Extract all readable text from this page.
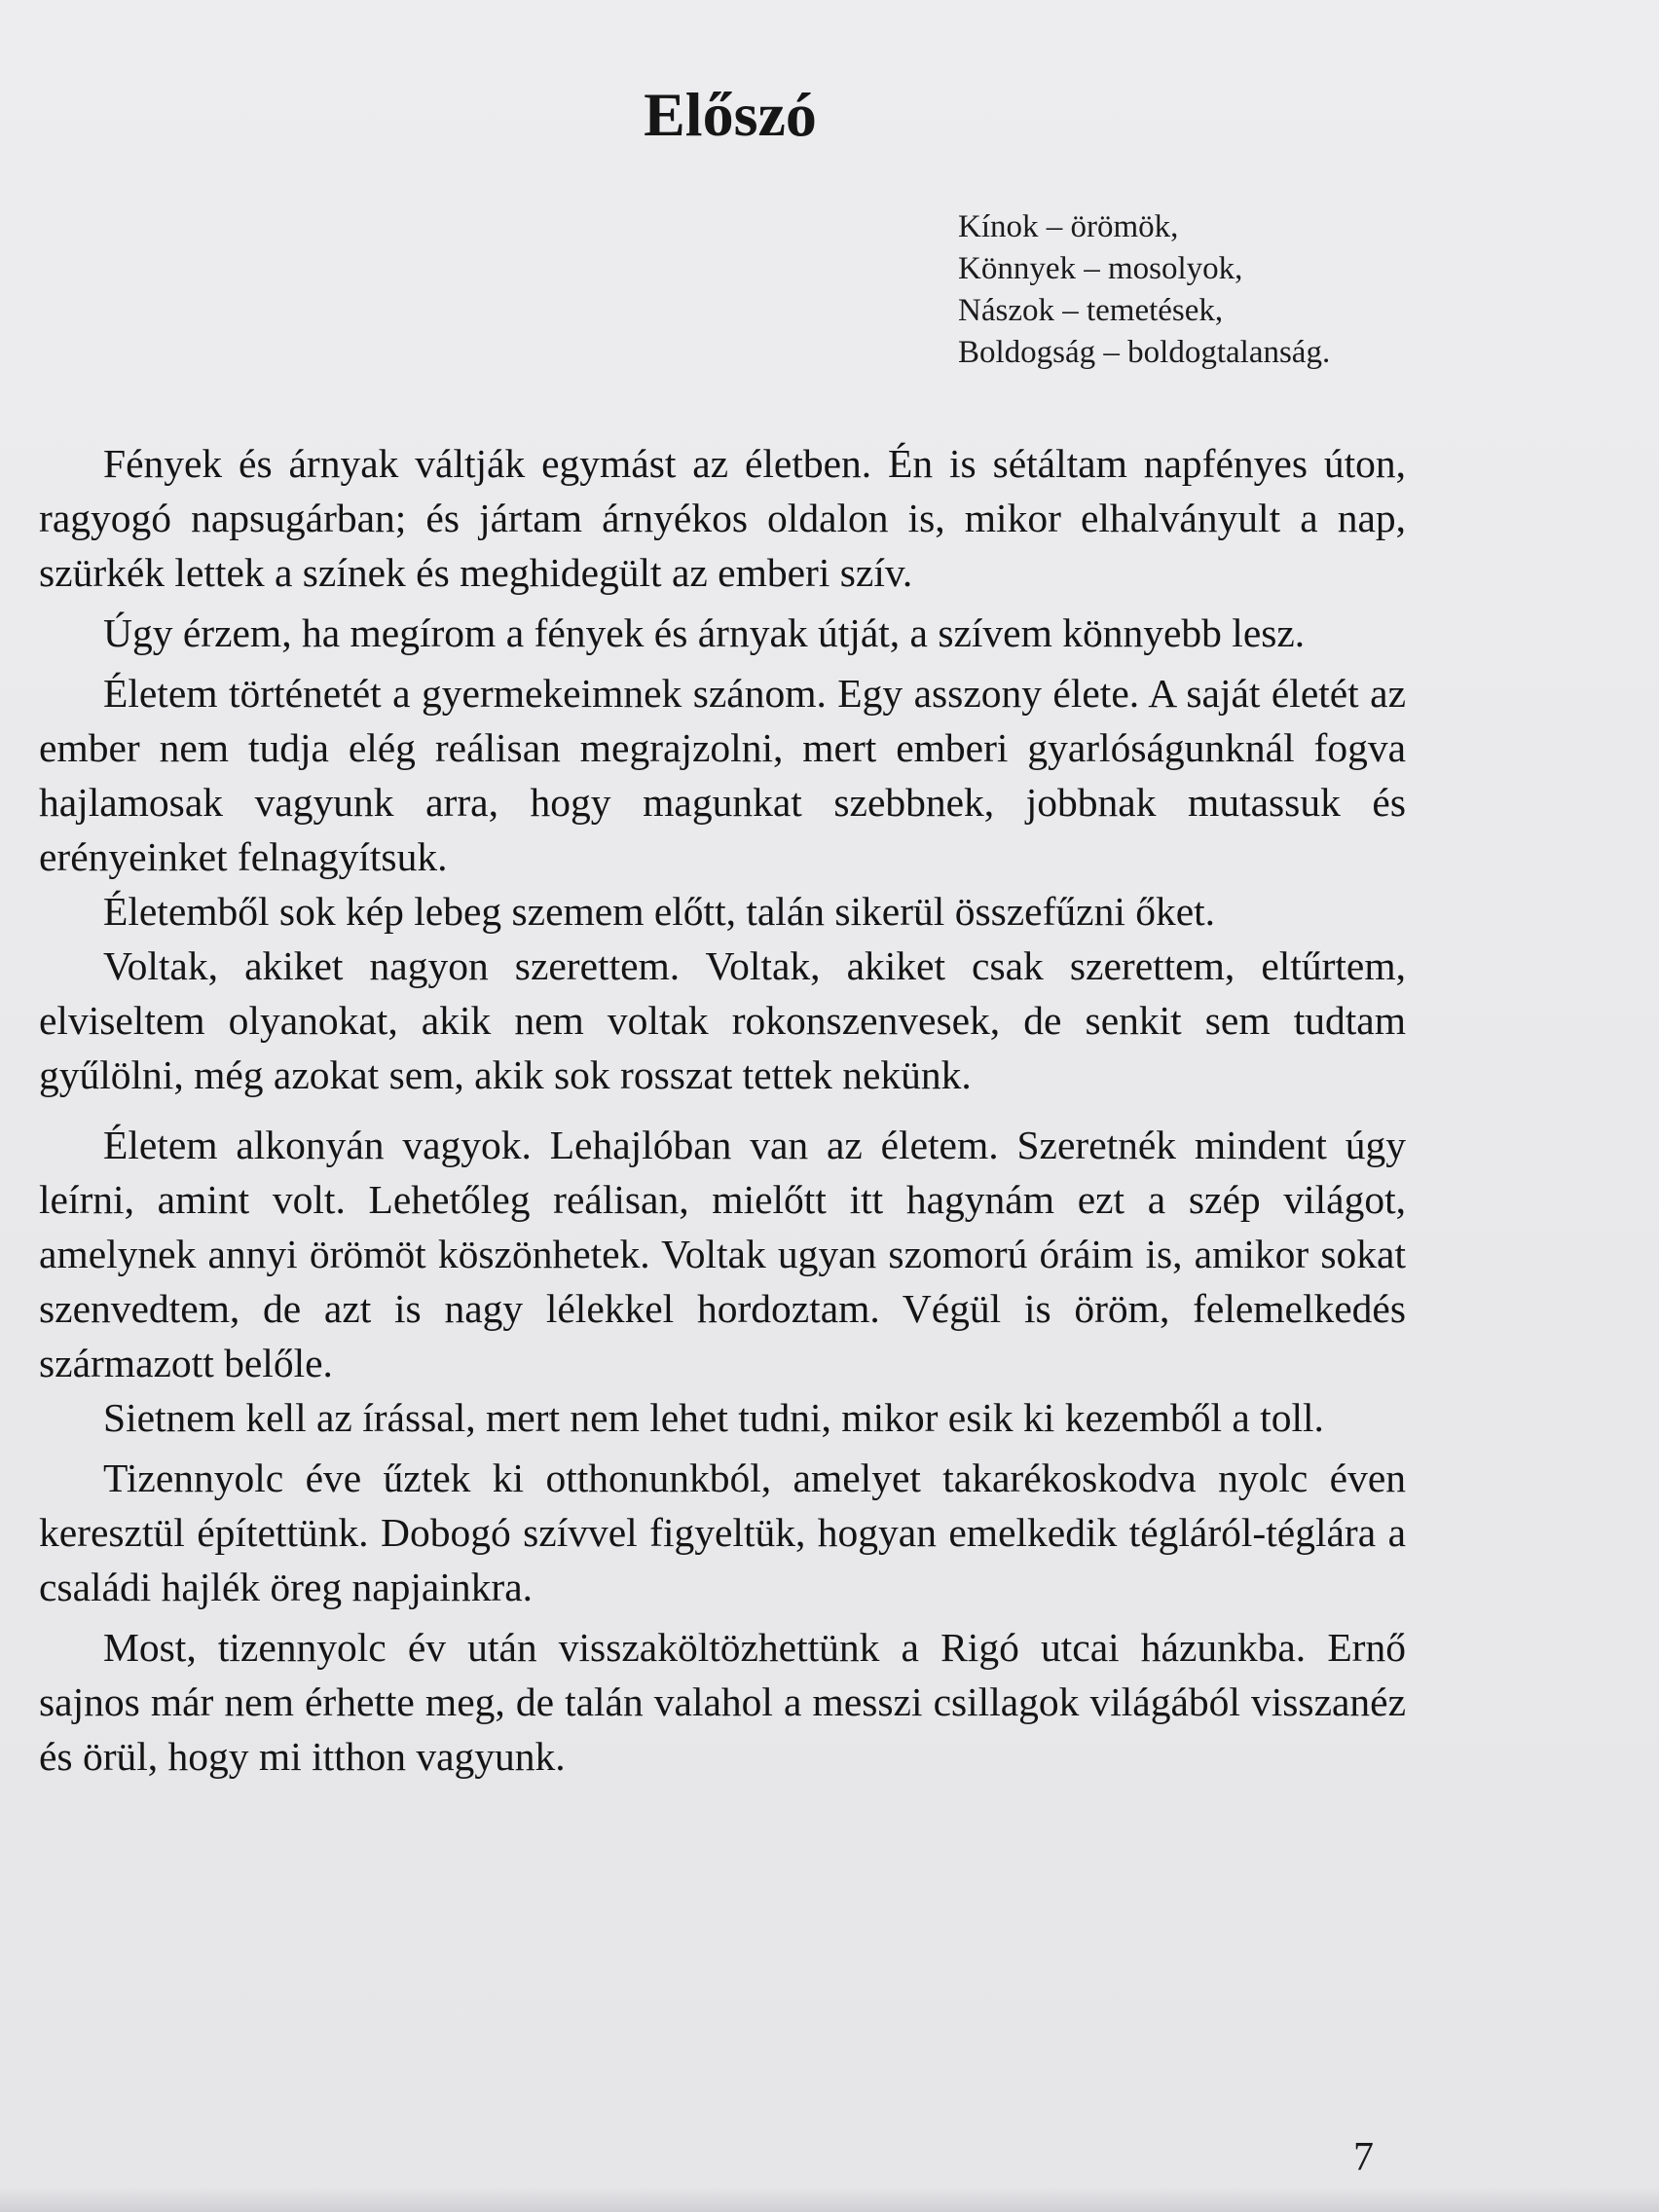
Előszó
Kínok – örömök,
Könnyek – mosolyok,
Nászok – temetések,
Boldogság – boldogtalanság.

Fények és árnyak váltják egymást az életben. Én is sétáltam napfényes úton, ragyogó napsugárban; és jártam árnyékos oldalon is, mikor elhalványult a nap, szürkék lettek a színek és meghidegült az emberi szív.

Úgy érzem, ha megírom a fények és árnyak útját, a szívem könnyebb lesz.

Életem történetét a gyermekeimnek szánom. Egy asszony élete. A saját életét az ember nem tudja elég reálisan megrajzolni, mert emberi gyarlóságunknál fogva hajlamosak vagyunk arra, hogy magunkat szebbnek, jobbnak mutassuk és erényeinket felnagyítsuk.

Életemből sok kép lebeg szemem előtt, talán sikerül összefűzni őket.

Voltak, akiket nagyon szerettem. Voltak, akiket csak szerettem, eltűrtem, elviseltem olyanokat, akik nem voltak rokonszenvesek, de senkit sem tudtam gyűlölni, még azokat sem, akik sok rosszat tettek nekünk.

Életem alkonyán vagyok. Lehajlóban van az életem. Szeretnék mindent úgy leírni, amint volt. Lehetőleg reálisan, mielőtt itt hagynám ezt a szép világot, amelynek annyi örömöt köszönhetek. Voltak ugyan szomorú óráim is, amikor sokat szenvedtem, de azt is nagy lélekkel hordoztam. Végül is öröm, felemelkedés származott belőle.

Sietnem kell az írással, mert nem lehet tudni, mikor esik ki kezemből a toll.

Tizennyolc éve űztek ki otthonunkból, amelyet takarékoskodva nyolc éven keresztül építettünk. Dobogó szívvel figyeltük, hogyan emelkedik tégláról-téglára a családi hajlék öreg napjainkra.

Most, tizennyolc év után visszaköltözhettünk a Rigó utcai házunkba. Ernő sajnos már nem érhette meg, de talán valahol a messzi csillagok világából visszanéz és örül, hogy mi itthon vagyunk.

7
